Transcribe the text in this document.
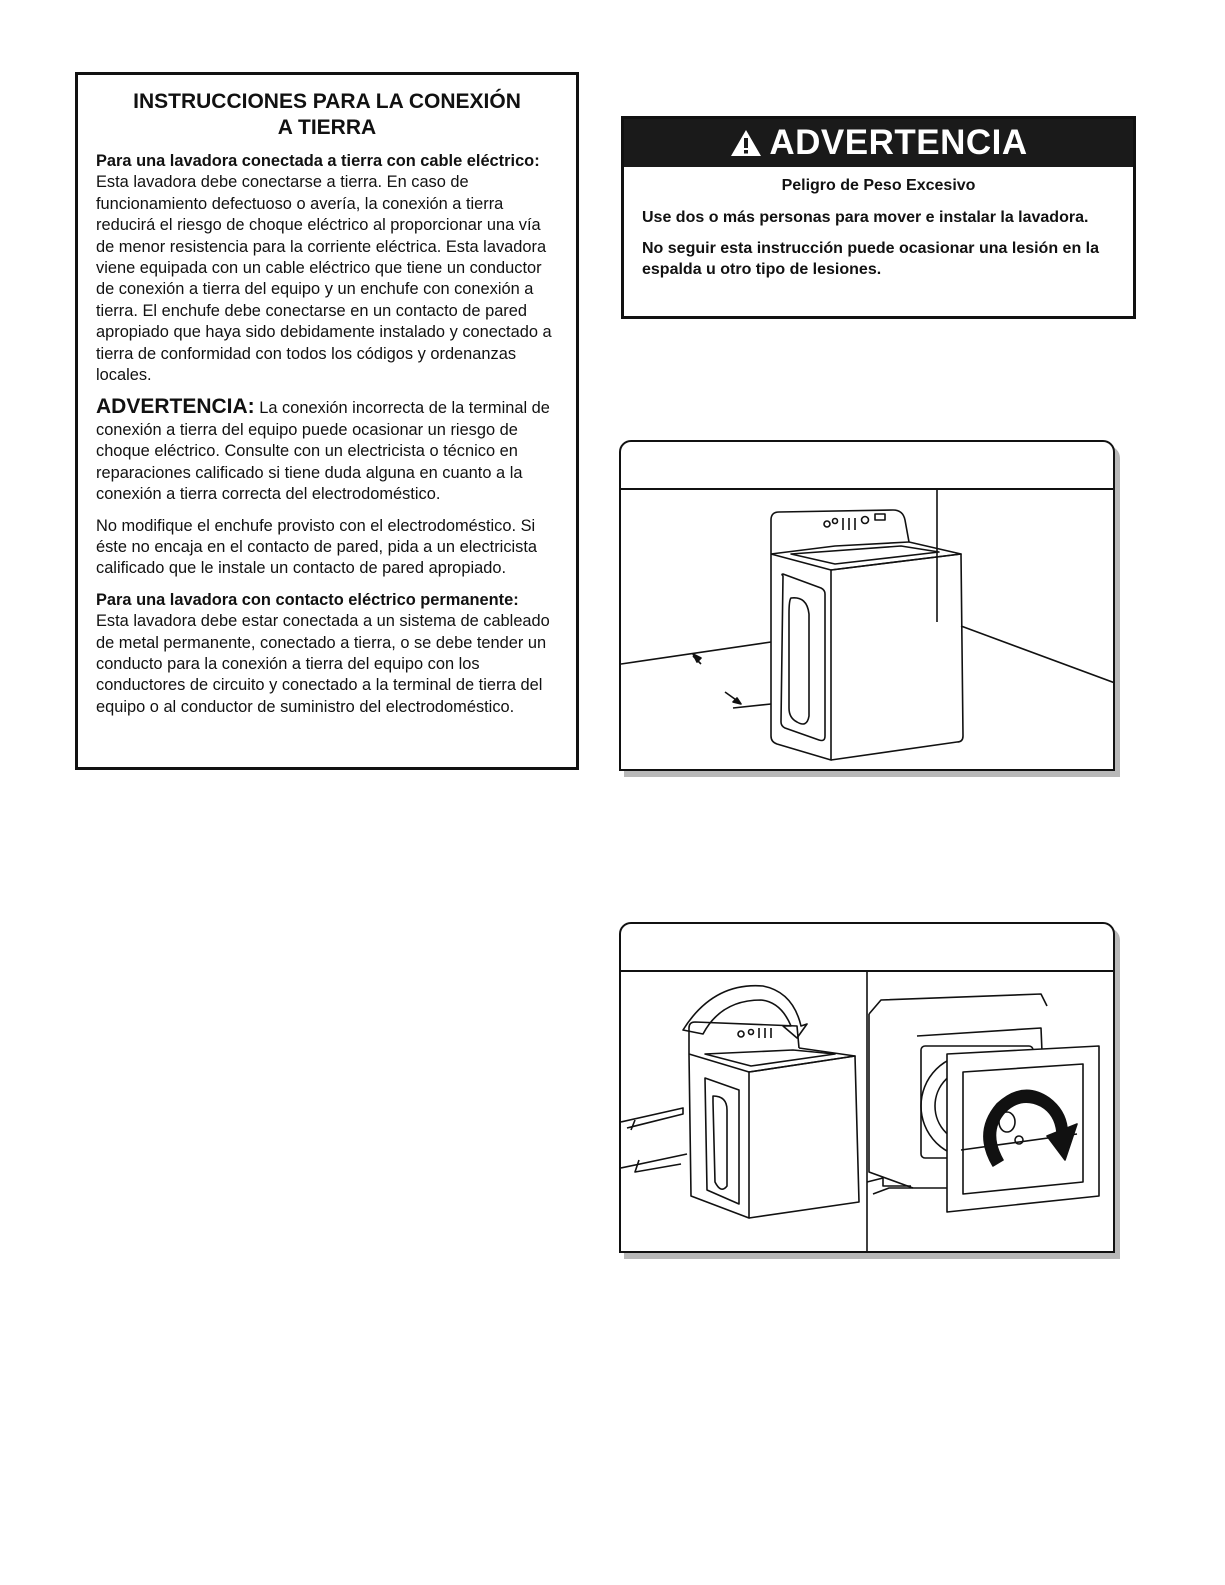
INSTRUCCIONES PARA LA CONEXIÓN
A TIERRA

Para una lavadora conectada a tierra con cable eléctrico:
Esta lavadora debe conectarse a tierra. En caso de funcionamiento defectuoso o avería, la conexión a tierra reducirá el riesgo de choque eléctrico al proporcionar una vía de menor resistencia para la corriente eléctrica. Esta lavadora viene equipada con un cable eléctrico que tiene un conductor de conexión a tierra del equipo y un enchufe con conexión a tierra. El enchufe debe conectarse en un contacto de pared apropiado que haya sido debidamente instalado y conectado a tierra de conformidad con todos los códigos y ordenanzas locales.

ADVERTENCIA: La conexión incorrecta de la terminal de conexión a tierra del equipo puede ocasionar un riesgo de choque eléctrico. Consulte con un electricista o técnico en reparaciones calificado si tiene duda alguna en cuanto a la conexión a tierra correcta del electrodoméstico.

No modifique el enchufe provisto con el electrodoméstico. Si éste no encaja en el contacto de pared, pida a un electricista calificado que le instale un contacto de pared apropiado.

Para una lavadora con contacto eléctrico permanente:
Esta lavadora debe estar conectada a un sistema de cableado de metal permanente, conectado a tierra, o se debe tender un conducto para la conexión a tierra del equipo con los conductores de circuito y conectado a la terminal de tierra del equipo o al conductor de suministro del electrodoméstico.

ADVERTENCIA

Peligro de Peso Excesivo

Use dos o más personas para mover e instalar la lavadora.

No seguir esta instrucción puede ocasionar una lesión en la espalda u otro tipo de lesiones.
